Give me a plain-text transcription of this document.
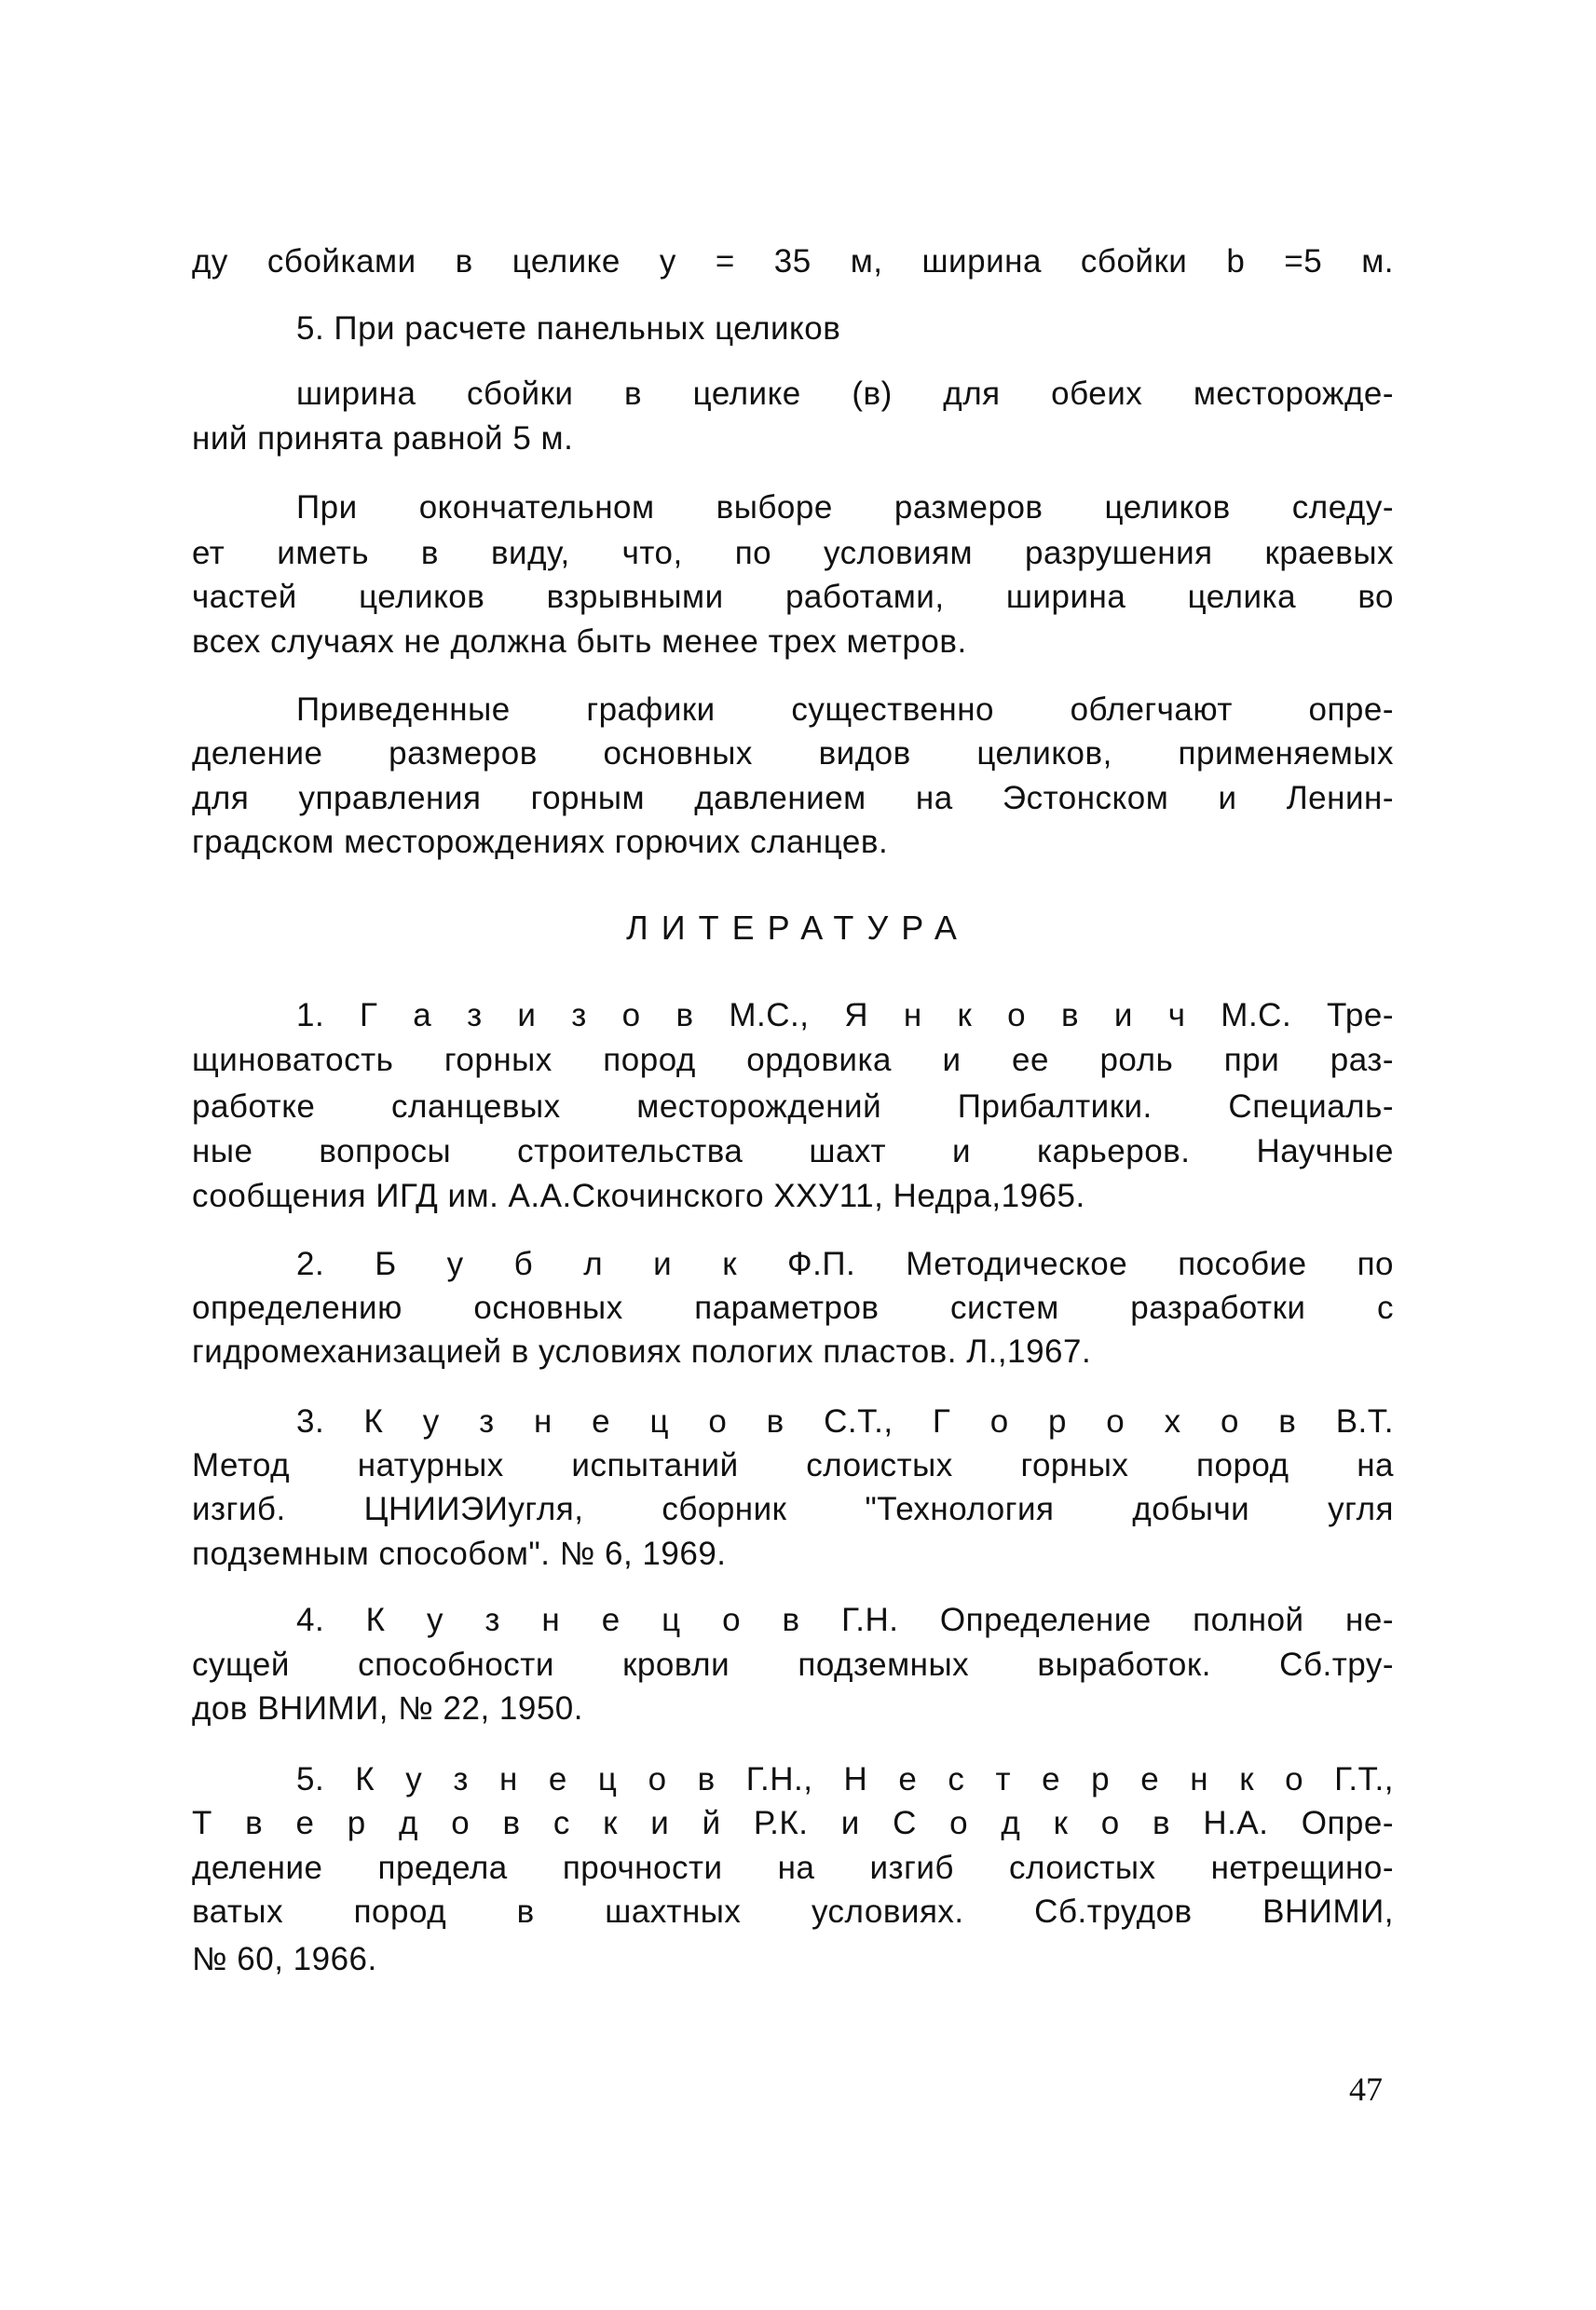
ду сбойками в целике у = 35 м, ширина сбойки b =5 м.
5. При расчете панельных целиков
ширина сбойки в целике (в) для обеих месторожде-
ний принята равной 5 м.
При окончательном выборе размеров целиков следу-
ет иметь в виду, что, по условиям разрушения краевых
частей целиков взрывными работами, ширина целика во
всех случаях не должна быть менее трех метров.
Приведенные графики существенно облегчают опре-
деление размеров основных видов целиков, применяемых
для управления горным давлением на Эстонском и Ленин-
градском месторождениях горючих сланцев.
ЛИТЕРАТУРА
1. Г а з и з о в М.С., Я н к о в и ч М.С. Тре-
щиноватость горных пород ордовика и ее роль при раз-
работке сланцевых месторождений Прибалтики. Специаль-
ные вопросы строительства шахт и карьеров. Научные
сообщения ИГД им. А.А.Скочинского ХХУ11, Недра,1965.
2. Б у б л и к Ф.П. Методическое пособие по
определению основных параметров систем разработки с
гидромеханизацией в условиях пологих пластов. Л.,1967.
3. К у з н е ц о в С.Т., Г о р о х о в В.Т.
Метод натурных испытаний слоистых горных пород на
изгиб. ЦНИИЭИугля, сборник "Технология добычи угля
подземным способом". № 6, 1969.
4. К у з н е ц о в Г.Н. Определение полной не-
сущей способности кровли подземных выработок. Сб.тру-
дов ВНИМИ, № 22, 1950.
5. К у з н е ц о в Г.Н., Н е с т е р е н к о Г.Т.,
Т в е р д о в с к и й Р.К. и С о д к о в Н.А. Опре-
деление предела прочности на изгиб слоистых нетрещино-
ватых пород в шахтных условиях. Сб.трудов ВНИМИ,
№ 60, 1966.
47
